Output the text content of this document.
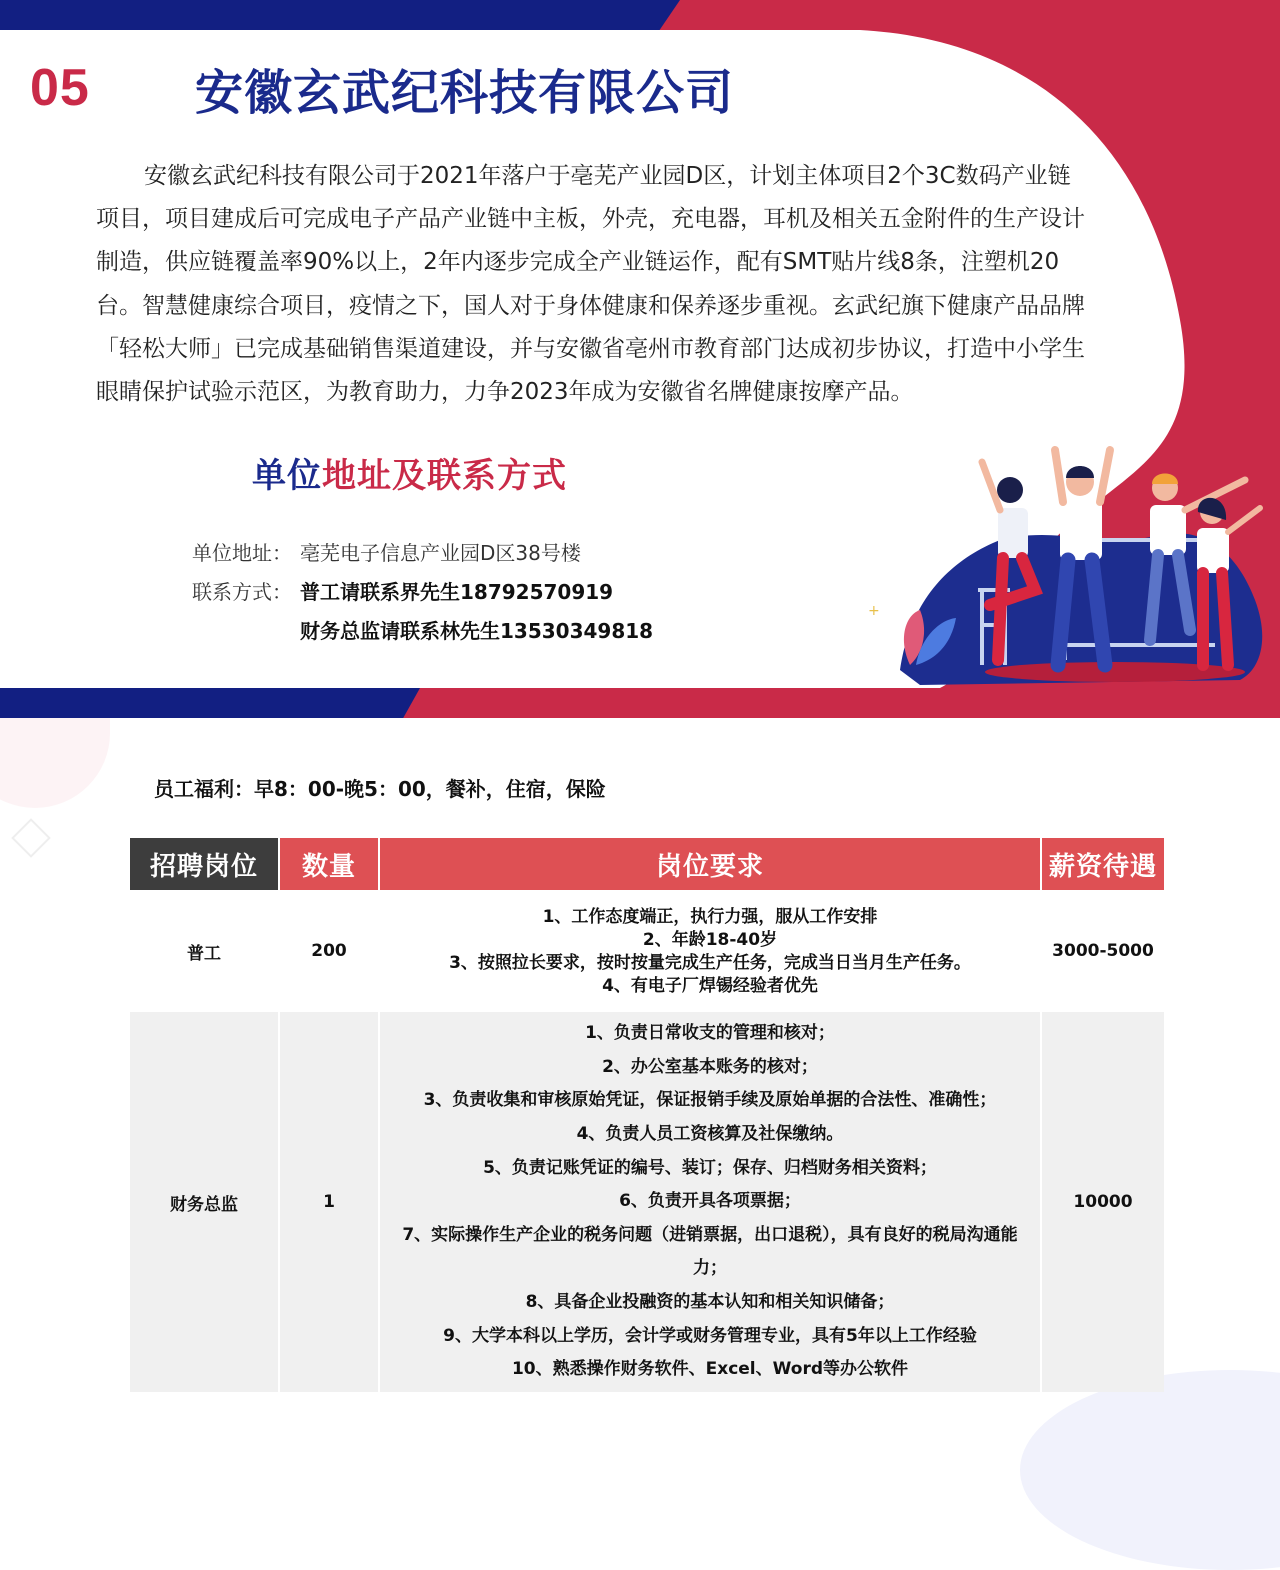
05 安徽玄武纪科技有限公司

安徽玄武纪科技有限公司于2021年落户于亳芜产业园D区，计划主体项目2个3C数码产业链项目，项目建成后可完成电子产品产业链中主板，外壳，充电器，耳机及相关五金附件的生产设计制造，供应链覆盖率90%以上，2年内逐步完成全产业链运作，配有SMT贴片线8条，注塑机20台。智慧健康综合项目，疫情之下，国人对于身体健康和保养逐步重视。玄武纪旗下健康产品品牌「轻松大师」已完成基础销售渠道建设，并与安徽省亳州市教育部门达成初步协议，打造中小学生眼睛保护试验示范区，为教育助力，力争2023年成为安徽省名牌健康按摩产品。

单位地址及联系方式
单位地址： 亳芜电子信息产业园D区38号楼
联系方式： 普工请联系界先生18792570919
财务总监请联系林先生13530349818
+
员工福利：早8：00-晚5：00，餐补，住宿，保险
招聘岗位	数量	岗位要求	薪资待遇
普工	200	1、工作态度端正，执行力强，服从工作安排
2、年龄18-40岁
3、按照拉长要求，按时按量完成生产任务，完成当日当月生产任务。
4、有电子厂焊锡经验者优先	3000-5000
财务总监	1	
1、负责日常收支的管理和核对；
2、办公室基本账务的核对；
3、负责收集和审核原始凭证，保证报销手续及原始单据的合法性、准确性；
4、负责人员工资核算及社保缴纳。
5、负责记账凭证的编号、装订；保存、归档财务相关资料；
6、负责开具各项票据；
7、实际操作生产企业的税务问题（进销票据，出口退税），具有良好的税局沟通能力；
8、具备企业投融资的基本认知和相关知识储备；
9、大学本科以上学历，会计学或财务管理专业，具有5年以上工作经验
10、熟悉操作财务软件、Excel、Word等办公软件
	10000
